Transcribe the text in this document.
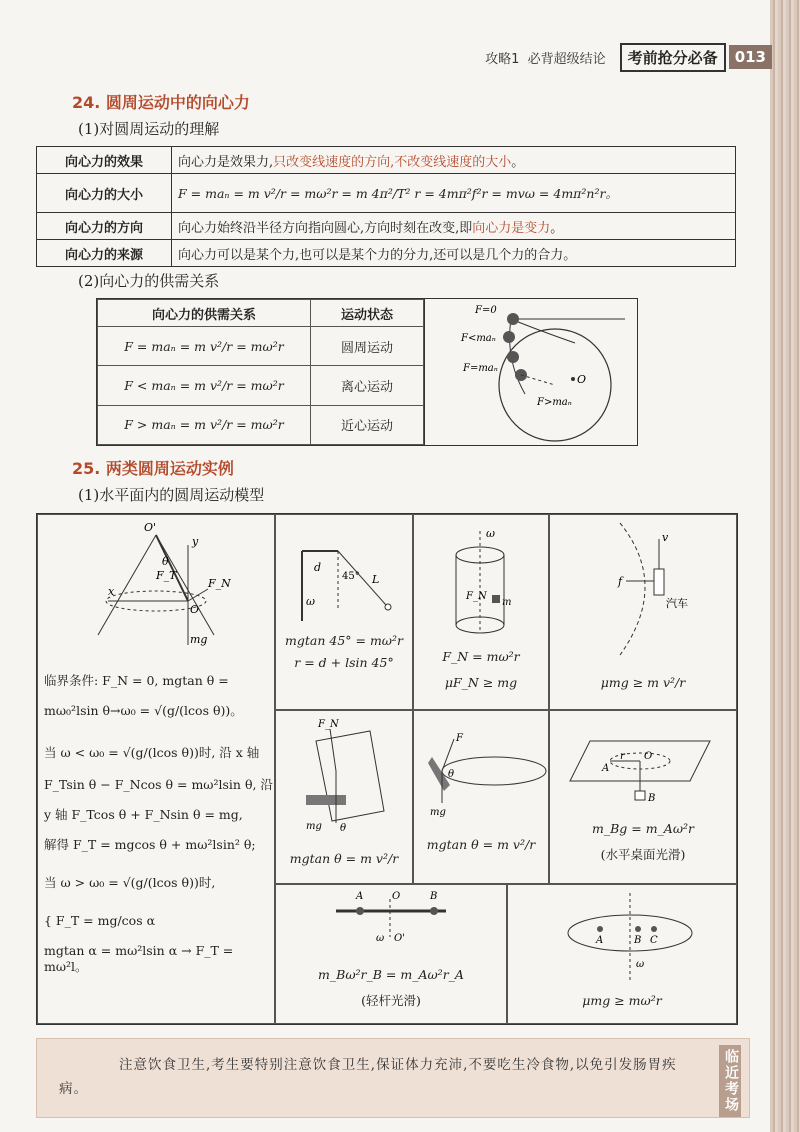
攻略1 必背超级结论	考前抢分必备	013
24. 圆周运动中的向心力
(1)对圆周运动的理解
向心力的效果	向心力是效果力,只改变线速度的方向,不改变线速度的大小。
向心力的大小	F = maₙ = m v²/r = mω²r = m 4π²/T² r = 4mπ²f²r = mvω = 4mπ²n²r。
向心力的方向	向心力始终沿半径方向指向圆心,方向时刻在改变,即向心力是变力。
向心力的来源	向心力可以是某个力,也可以是某个力的分力,还可以是几个力的合力。
(2)向心力的供需关系
向心力的供需关系	运动状态
F = maₙ = m v²/r = mω²r	圆周运动
F < maₙ = m v²/r = mω²r	离心运动
F > maₙ = m v²/r = mω²r	近心运动
F=0
F<maₙ
F=maₙ
F>maₙ
O
25. 两类圆周运动实例
(1)水平面内的圆周运动模型
O'
y
x
F_T
F_N
O
mg
θ
临界条件: F_N = 0, mgtan θ =
mω₀²lsin θ→ω₀ = √(g/(lcos θ))。
当 ω < ω₀ = √(g/(lcos θ))时, 沿 x 轴
F_Tsin θ − F_Ncos θ = mω²lsin θ, 沿
y 轴 F_Tcos θ + F_Nsin θ = mg,
解得 F_T = mgcos θ + mω²lsin² θ;
当 ω > ω₀ = √(g/(lcos θ))时,
{ F_T = mg/cos α
mgtan α = mω²lsin α → F_T = mω²l。
d
45° L
ω
mgtan 45° = mω²r
r = d + lsin 45°
F_N
m
ω
F_N = mω²r
μF_N ≥ mg
v
f
汽车
μmg ≥ m v²/r
F_N
mg θ
mgtan θ = m v²/r
F
mg
θ
mgtan θ = m v²/r
A
r O
B
m_Bg = m_Aω²r
(水平桌面光滑)
A	O	B
ω O'
m_Bω²r_B = m_Aω²r_A
(轻杆光滑)
A	B C
ω
μmg ≥ mω²r
注意饮食卫生,考生要特别注意饮食卫生,保证体力充沛,不要吃生冷食物,以免引发肠胃疾病。	临近考场
